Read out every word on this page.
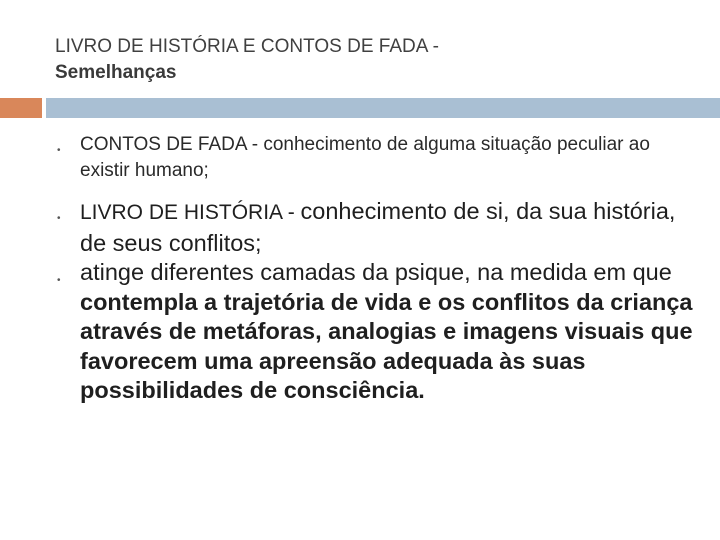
LIVRO DE HISTÓRIA E CONTOS DE FADA -
Semelhanças
• CONTOS DE FADA - conhecimento de alguma situação peculiar ao existir humano;
• LIVRO DE HISTÓRIA - conhecimento de si, da sua história, de seus conflitos;
• atinge diferentes camadas da psique, na medida em que contempla a trajetória de vida e os conflitos da criança através de metáforas, analogias e imagens visuais que favorecem uma apreensão adequada às suas possibilidades de consciência.
